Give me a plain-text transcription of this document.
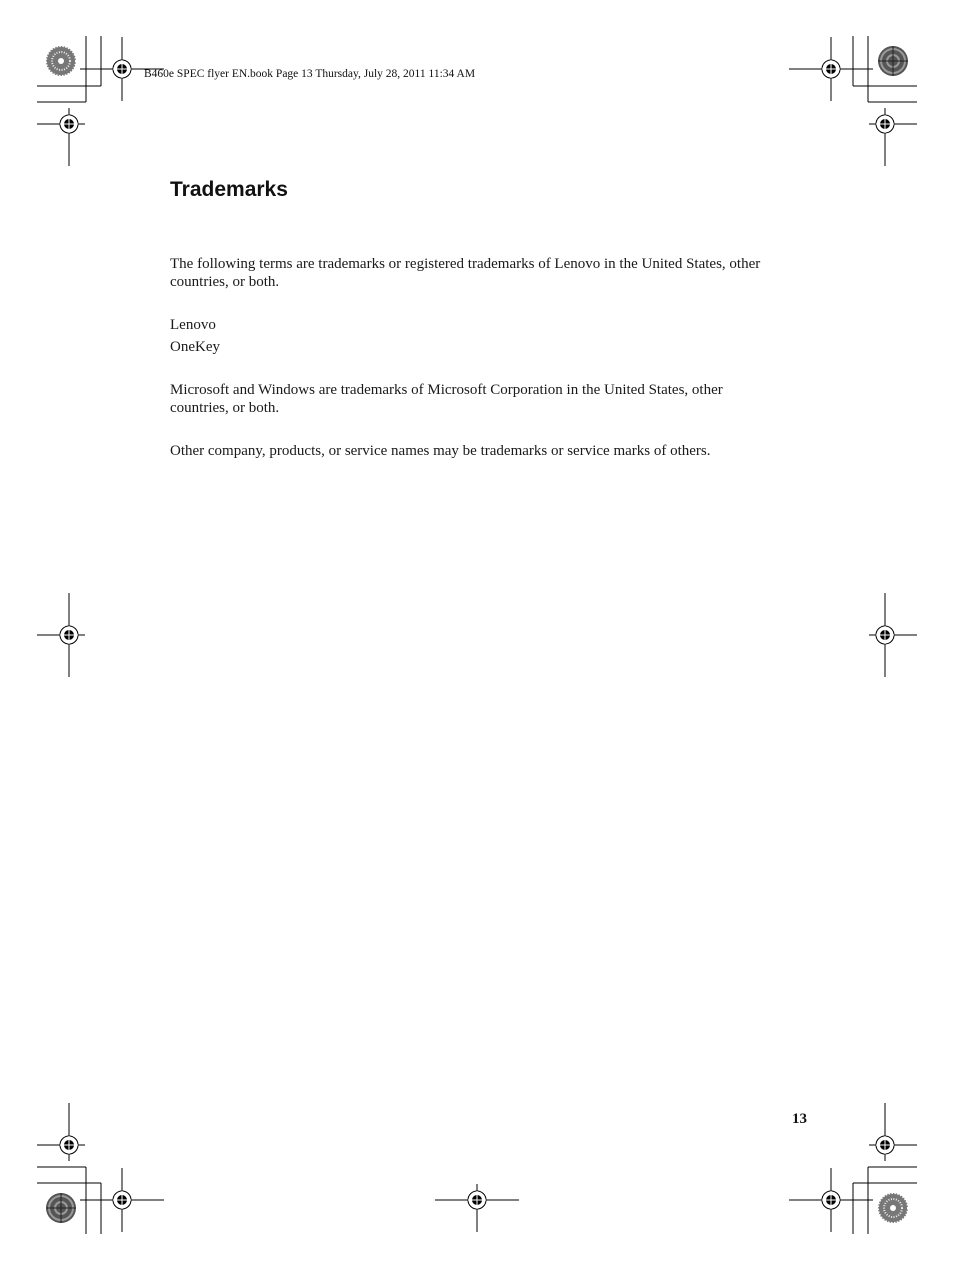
B460e SPEC flyer EN.book Page 13 Thursday, July 28, 2011 11:34 AM
Trademarks

The following terms are trademarks or registered trademarks of Lenovo in the United States, other countries, or both.

Lenovo

OneKey

Microsoft and Windows are trademarks of Microsoft Corporation in the United States, other countries, or both.

Other company, products, or service names may be trademarks or service marks of others.

13
